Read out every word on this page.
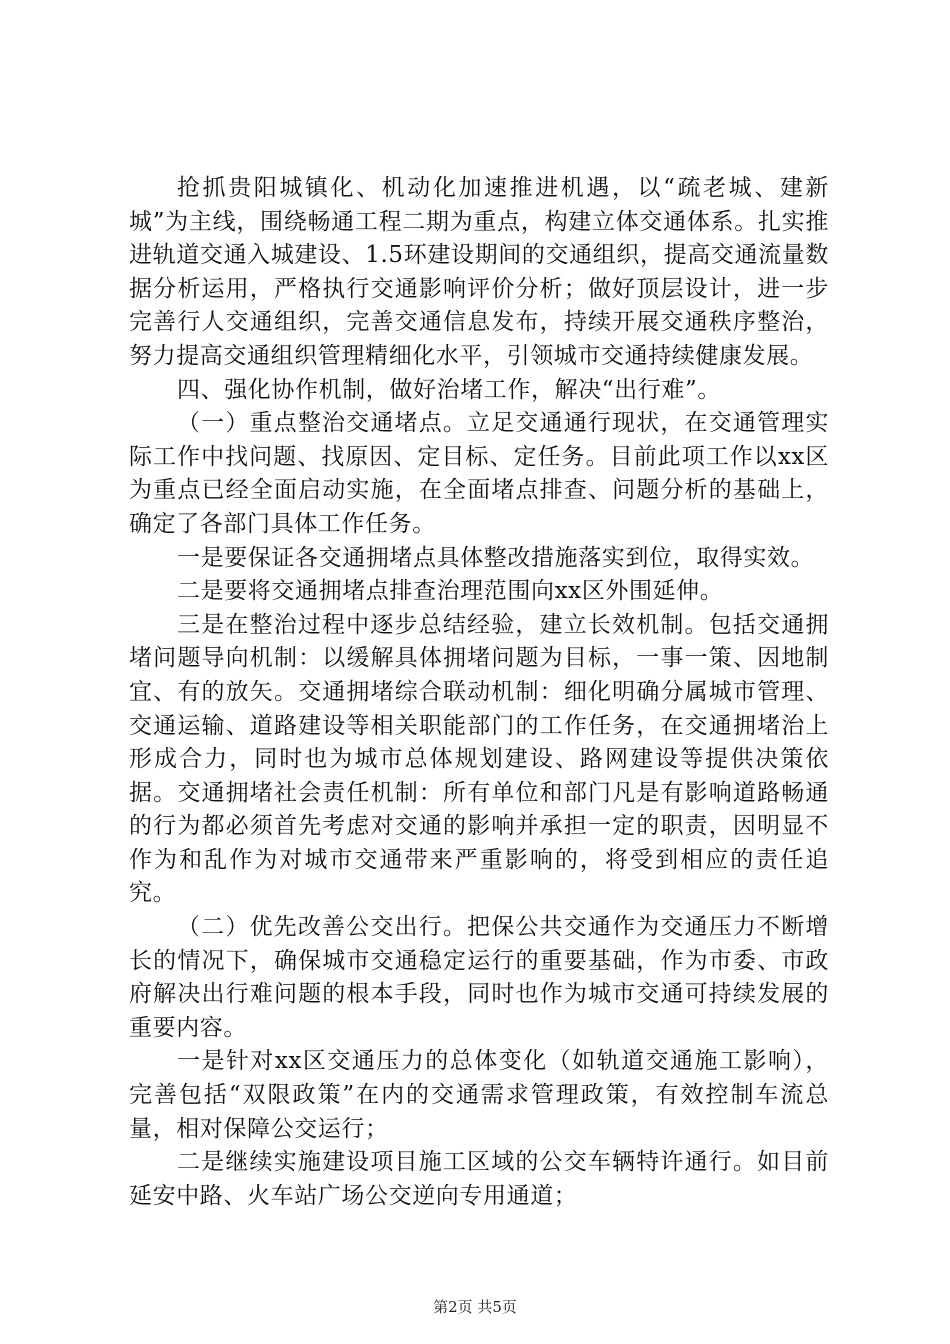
抢抓贵阳城镇化、机动化加速推进机遇，以“疏老城、建新城”为主线，围绕畅通工程二期为重点，构建立体交通体系。扎实推进轨道交通入城建设、1.5环建设期间的交通组织，提高交通流量数据分析运用，严格执行交通影响评价分析；做好顶层设计，进一步完善行人交通组织，完善交通信息发布，持续开展交通秩序整治，努力提高交通组织管理精细化水平，引领城市交通持续健康发展。

四、强化协作机制，做好治堵工作，解决“出行难”。

（一）重点整治交通堵点。立足交通通行现状，在交通管理实际工作中找问题、找原因、定目标、定任务。目前此项工作以xx区为重点已经全面启动实施，在全面堵点排查、问题分析的基础上，确定了各部门具体工作任务。

一是要保证各交通拥堵点具体整改措施落实到位，取得实效。

二是要将交通拥堵点排查治理范围向xx区外围延伸。

三是在整治过程中逐步总结经验，建立长效机制。包括交通拥堵问题导向机制：以缓解具体拥堵问题为目标，一事一策、因地制宜、有的放矢。交通拥堵综合联动机制：细化明确分属城市管理、交通运输、道路建设等相关职能部门的工作任务，在交通拥堵治上形成合力，同时也为城市总体规划建设、路网建设等提供决策依据。交通拥堵社会责任机制：所有单位和部门凡是有影响道路畅通的行为都必须首先考虑对交通的影响并承担一定的职责，因明显不作为和乱作为对城市交通带来严重影响的，将受到相应的责任追究。

（二）优先改善公交出行。把保公共交通作为交通压力不断增长的情况下，确保城市交通稳定运行的重要基础，作为市委、市政府解决出行难问题的根本手段，同时也作为城市交通可持续发展的重要内容。

一是针对xx区交通压力的总体变化（如轨道交通施工影响），完善包括“双限政策”在内的交通需求管理政策，有效控制车流总量，相对保障公交运行；

二是继续实施建设项目施工区域的公交车辆特许通行。如目前延安中路、火车站广场公交逆向专用通道；

第2页 共5页
